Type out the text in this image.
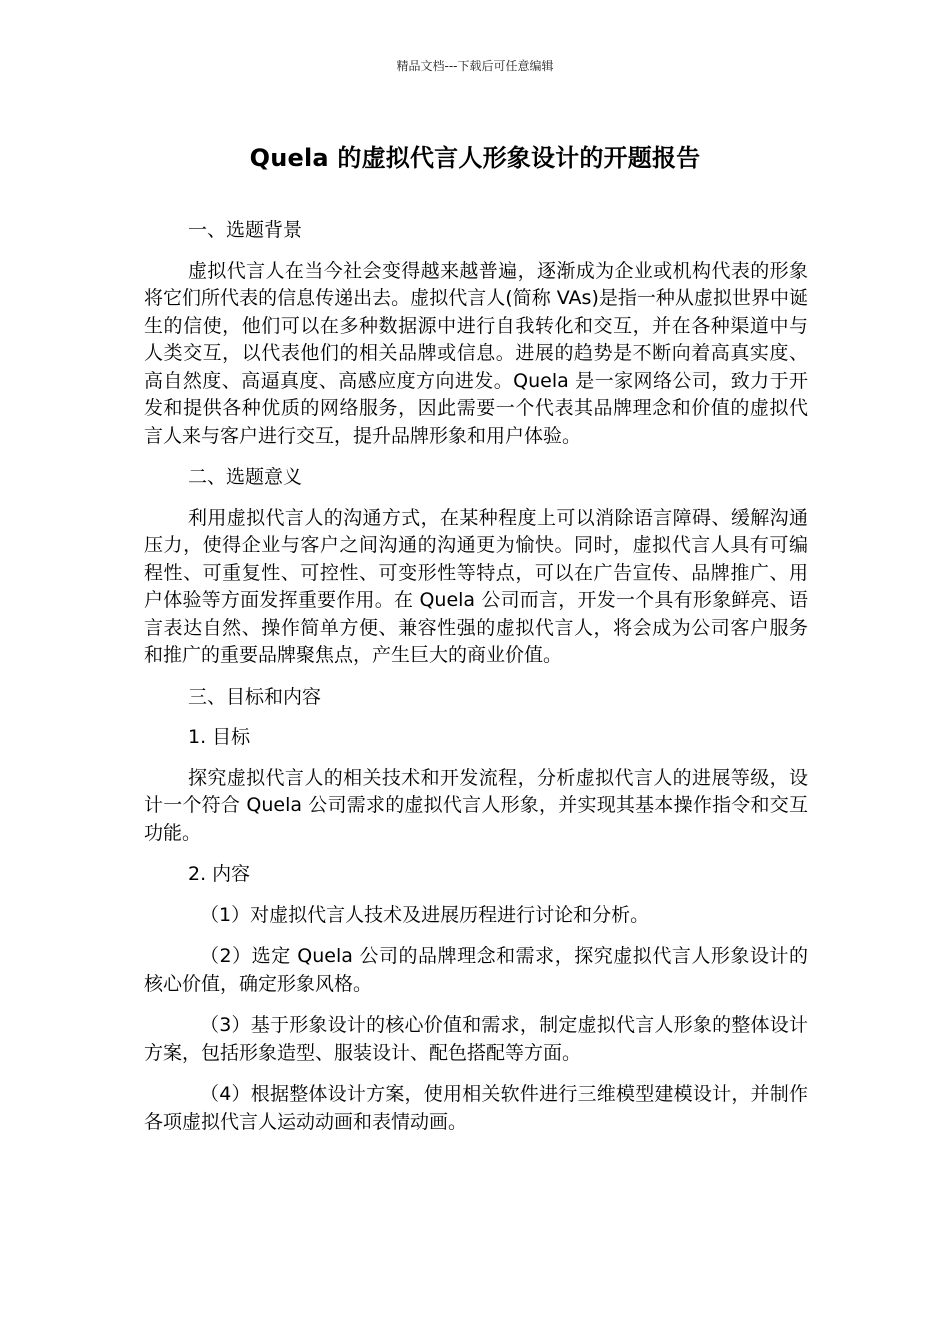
精品文档---下载后可任意编辑
Quela 的虚拟代言人形象设计的开题报告

一、选题背景

虚拟代言人在当今社会变得越来越普遍，逐渐成为企业或机构代表的形象将它们所代表的信息传递出去。虚拟代言人(简称 VAs)是指一种从虚拟世界中诞生的信使，他们可以在多种数据源中进行自我转化和交互，并在各种渠道中与人类交互，以代表他们的相关品牌或信息。进展的趋势是不断向着高真实度、高自然度、高逼真度、高感应度方向进发。Quela 是一家网络公司，致力于开发和提供各种优质的网络服务，因此需要一个代表其品牌理念和价值的虚拟代言人来与客户进行交互，提升品牌形象和用户体验。

二、选题意义

利用虚拟代言人的沟通方式，在某种程度上可以消除语言障碍、缓解沟通压力，使得企业与客户之间沟通的沟通更为愉快。同时，虚拟代言人具有可编程性、可重复性、可控性、可变形性等特点，可以在广告宣传、品牌推广、用户体验等方面发挥重要作用。在 Quela 公司而言，开发一个具有形象鲜亮、语言表达自然、操作简单方便、兼容性强的虚拟代言人，将会成为公司客户服务和推广的重要品牌聚焦点，产生巨大的商业价值。

三、目标和内容

1. 目标

探究虚拟代言人的相关技术和开发流程，分析虚拟代言人的进展等级，设计一个符合 Quela 公司需求的虚拟代言人形象，并实现其基本操作指令和交互功能。

2. 内容

（1）对虚拟代言人技术及进展历程进行讨论和分析。

（2）选定 Quela 公司的品牌理念和需求，探究虚拟代言人形象设计的核心价值，确定形象风格。

（3）基于形象设计的核心价值和需求，制定虚拟代言人形象的整体设计方案，包括形象造型、服装设计、配色搭配等方面。

（4）根据整体设计方案，使用相关软件进行三维模型建模设计，并制作各项虚拟代言人运动动画和表情动画。
